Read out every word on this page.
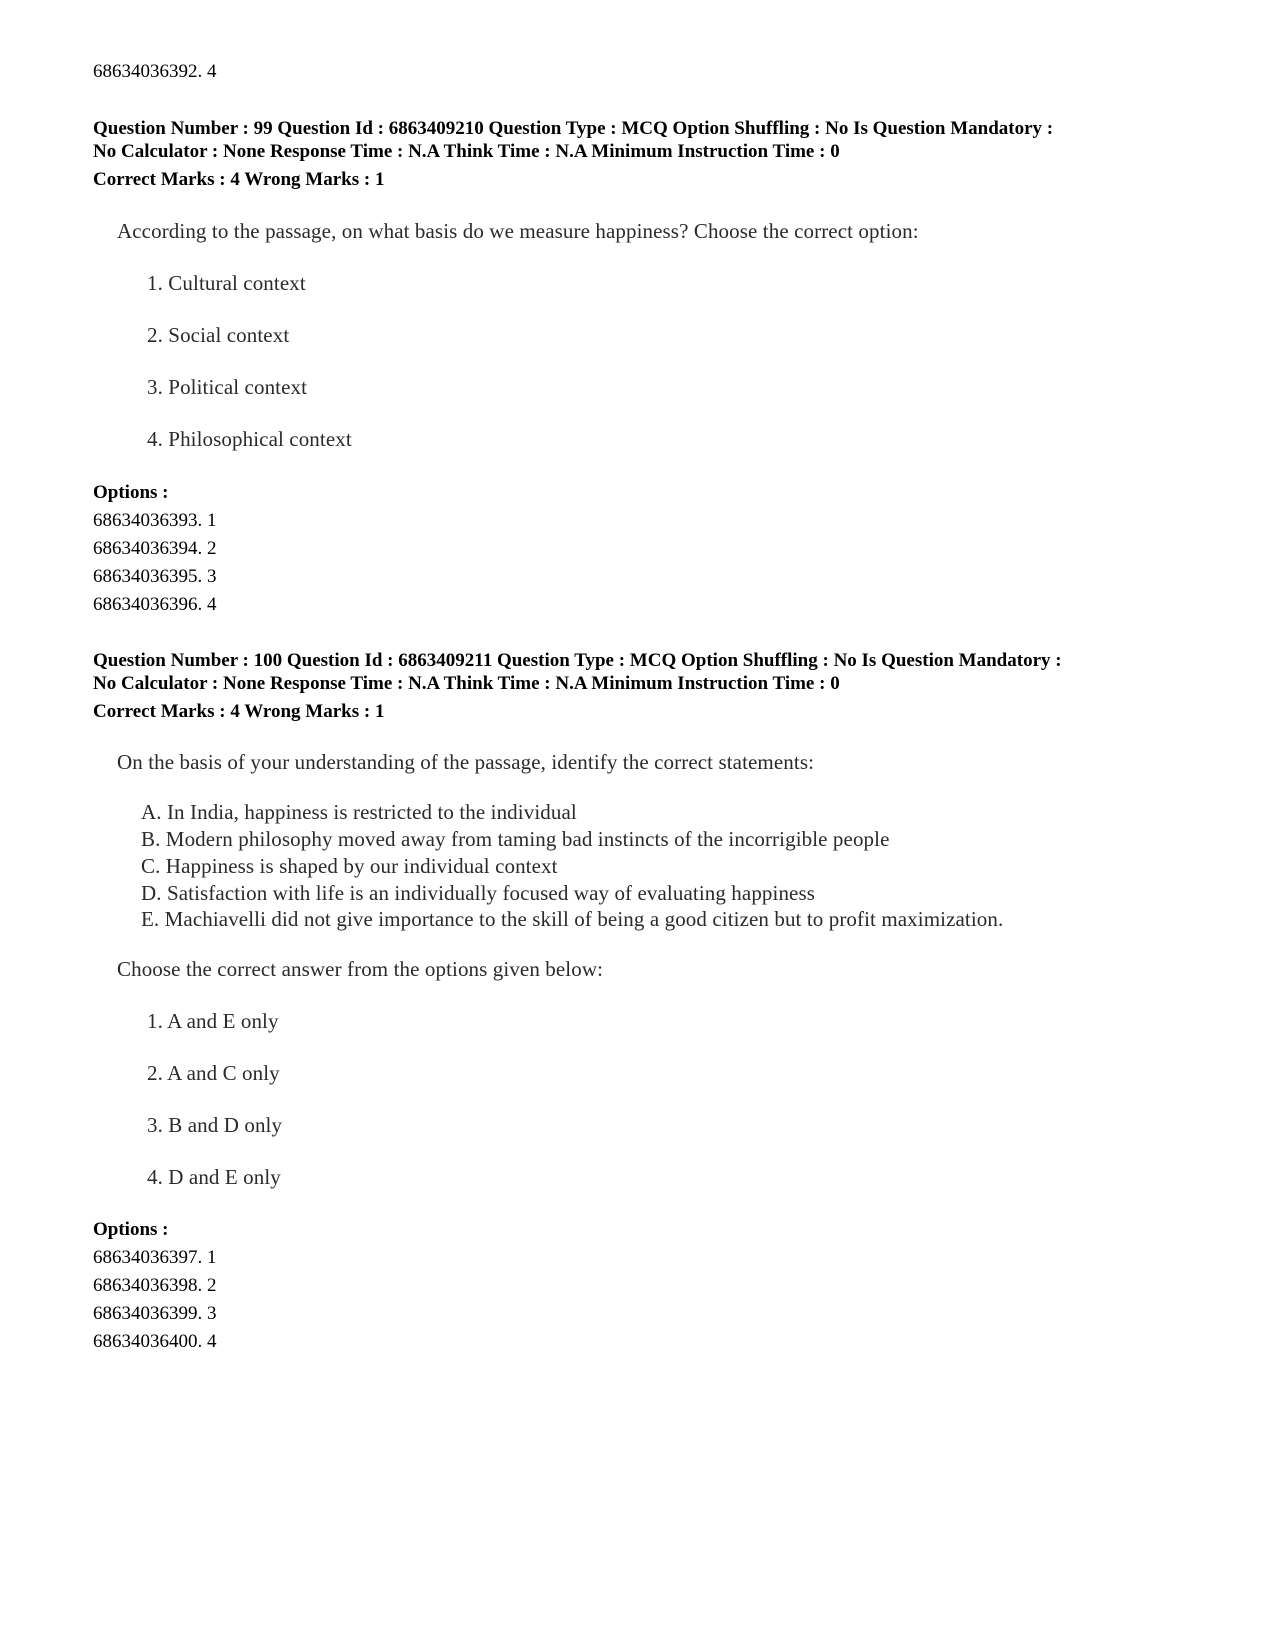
68634036392. 4
Question Number : 99 Question Id : 6863409210 Question Type : MCQ Option Shuffling : No Is Question Mandatory :
No Calculator : None Response Time : N.A Think Time : N.A Minimum Instruction Time : 0
Correct Marks : 4 Wrong Marks : 1
According to the passage, on what basis do we measure happiness? Choose the correct option:
1. Cultural context
2. Social context
3. Political context
4. Philosophical context
Options :
68634036393. 1
68634036394. 2
68634036395. 3
68634036396. 4
Question Number : 100 Question Id : 6863409211 Question Type : MCQ Option Shuffling : No Is Question Mandatory :
No Calculator : None Response Time : N.A Think Time : N.A Minimum Instruction Time : 0
Correct Marks : 4 Wrong Marks : 1
On the basis of your understanding of the passage, identify the correct statements:
A. In India, happiness is restricted to the individual
B. Modern philosophy moved away from taming bad instincts of the incorrigible people
C. Happiness is shaped by our individual context
D. Satisfaction with life is an individually focused way of evaluating happiness
E. Machiavelli did not give importance to the skill of being a good citizen but to profit maximization.
Choose the correct answer from the options given below:
1. A and E only
2. A and C only
3. B and D only
4. D and E only
Options :
68634036397. 1
68634036398. 2
68634036399. 3
68634036400. 4
